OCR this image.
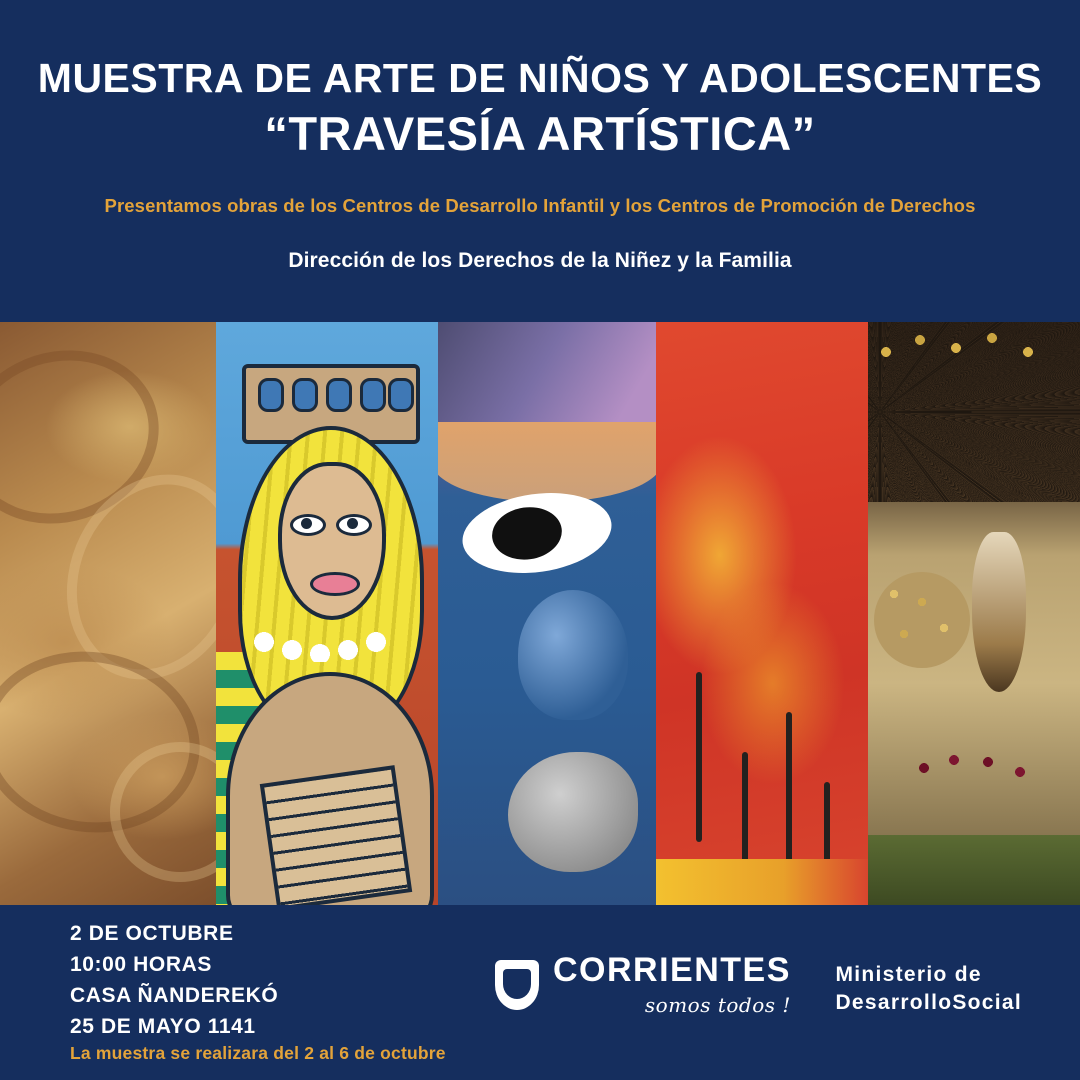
MUESTRA DE ARTE DE NIÑOS Y ADOLESCENTES
“TRAVESÍA ARTÍSTICA”

Presentamos obras de los Centros de Desarrollo Infantil y los Centros de Promoción de Derechos

Dirección de los Derechos de la Niñez y la Familia

2 DE OCTUBRE
10:00 HORAS
CASA ÑANDEREKÓ
25 DE MAYO 1141
La muestra se realizara del 2 al 6 de octubre
CORRIENTES
somos todos !
Ministerio de
DesarrolloSocial
